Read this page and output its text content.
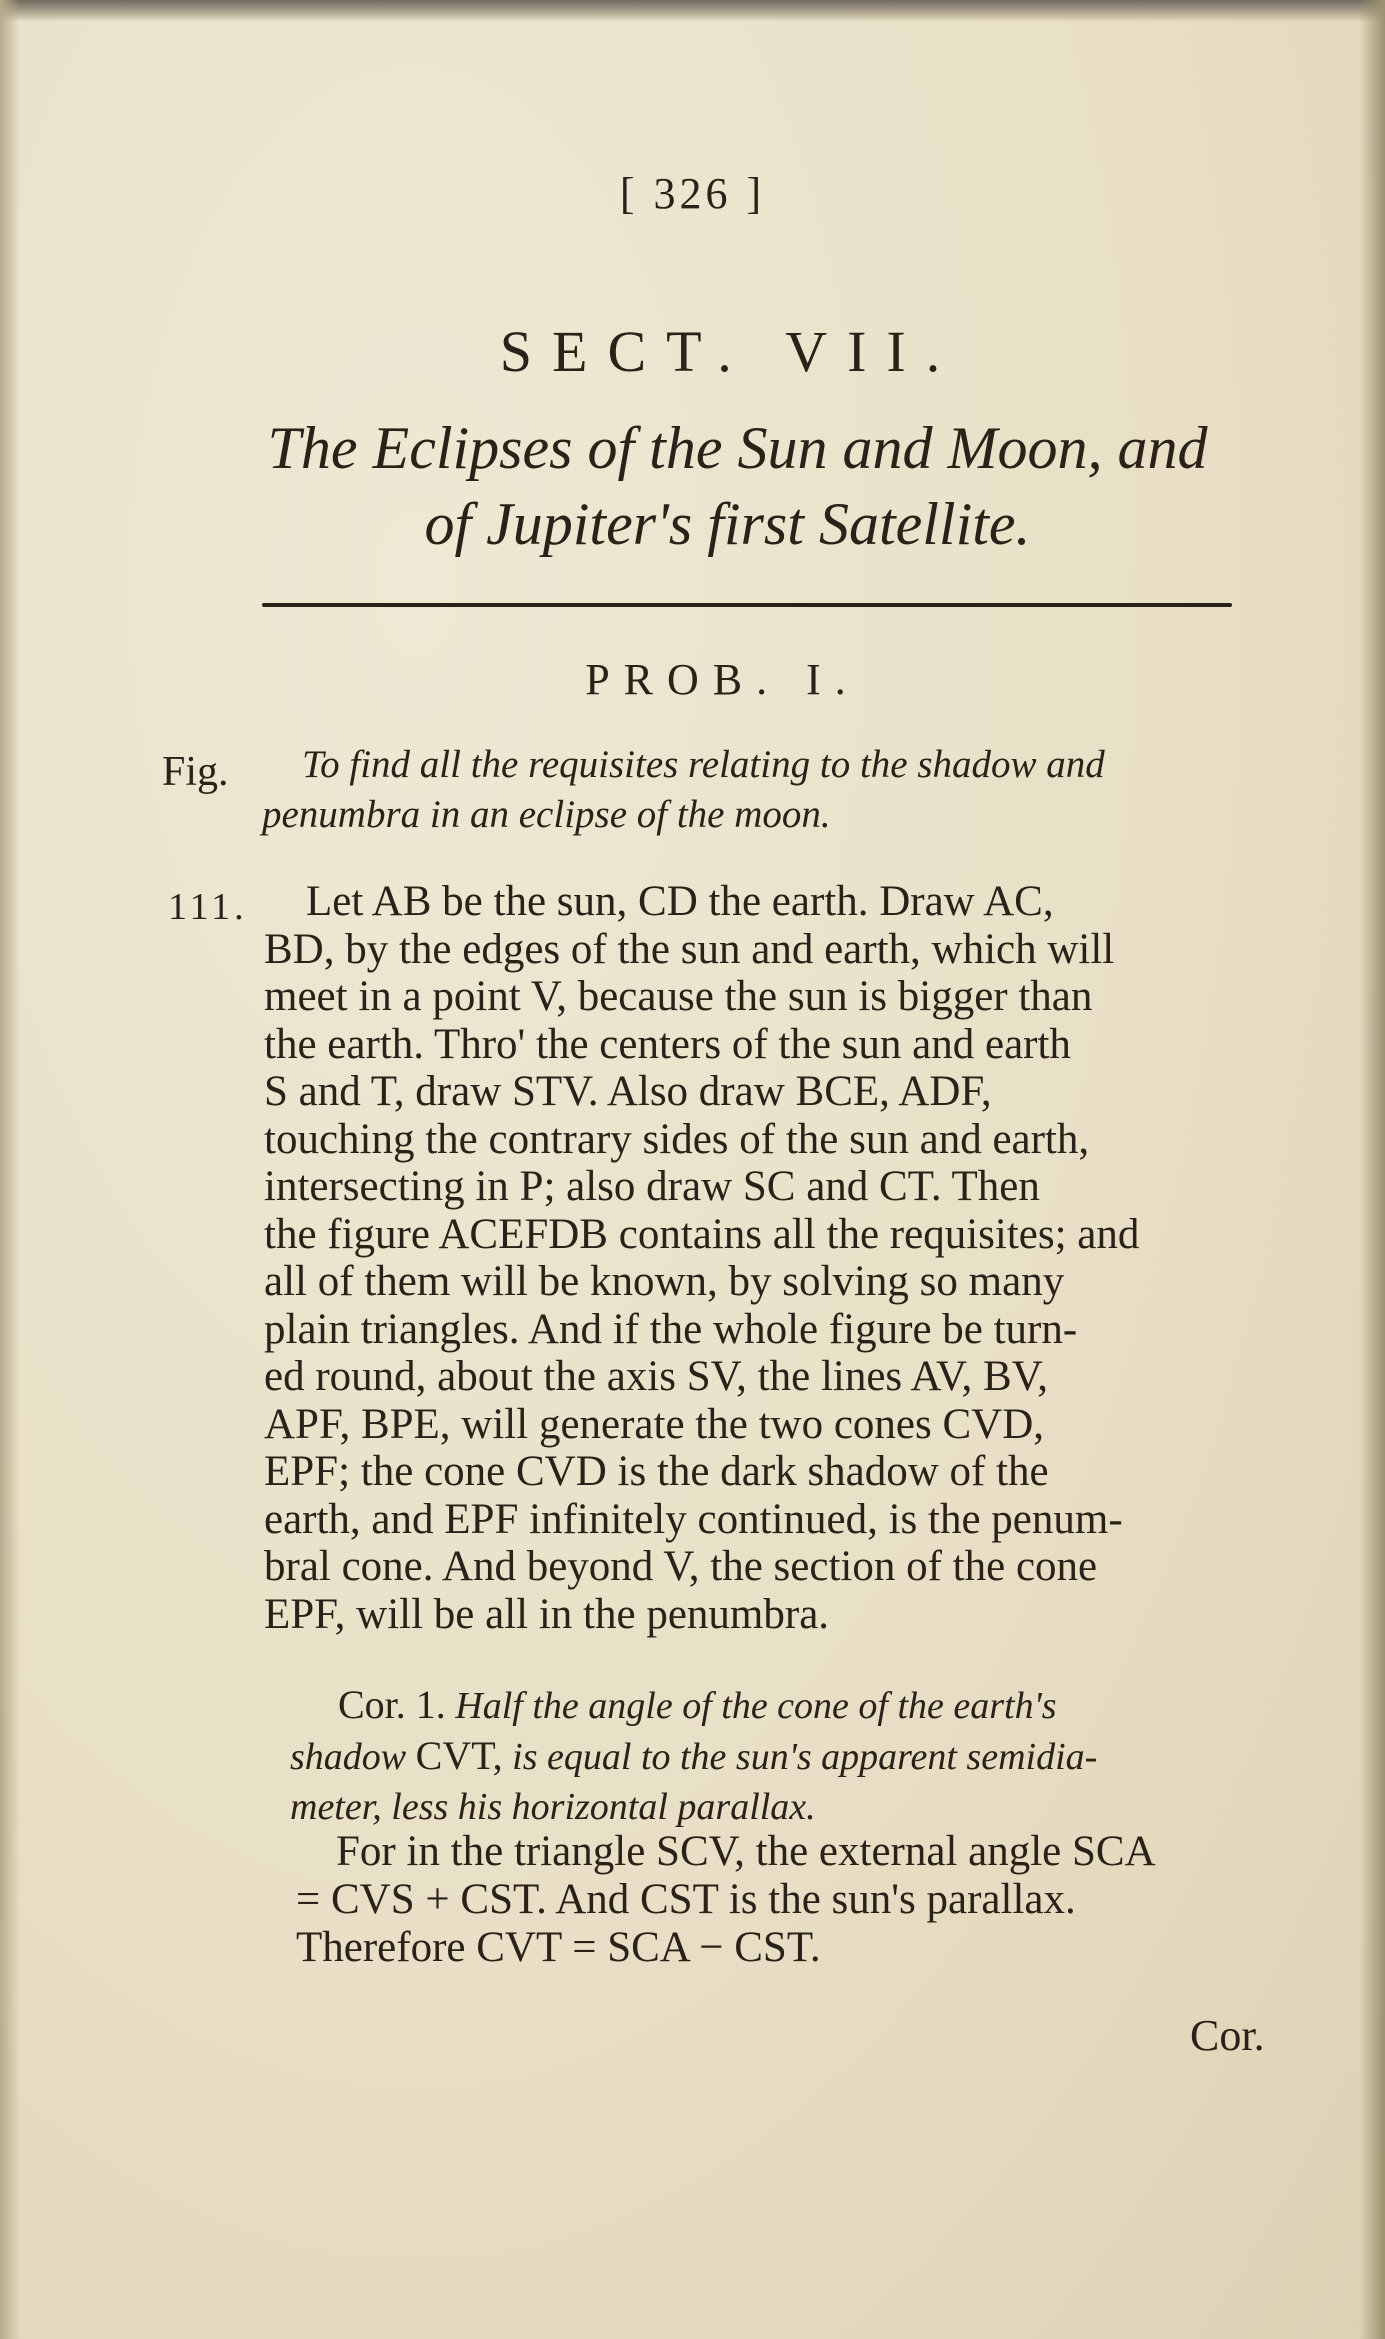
[ 326 ]
SECT. VII.
The Eclipses of the Sun and Moon, and
of Jupiter's first Satellite.
PROB. I.
Fig.
111.
To find all the requisites relating to the shadow and
penumbra in an eclipse of the moon.
Let AB be the sun, CD the earth. Draw AC,
BD, by the edges of the sun and earth, which will
meet in a point V, because the sun is bigger than
the earth. Thro' the centers of the sun and earth
S and T, draw STV. Also draw BCE, ADF,
touching the contrary sides of the sun and earth,
intersecting in P; also draw SC and CT. Then
the figure ACEFDB contains all the requisites; and
all of them will be known, by solving so many
plain triangles. And if the whole figure be turn-
ed round, about the axis SV, the lines AV, BV,
APF, BPE, will generate the two cones CVD,
EPF; the cone CVD is the dark shadow of the
earth, and EPF infinitely continued, is the penum-
bral cone. And beyond V, the section of the cone
EPF, will be all in the penumbra.
Cor. 1. Half the angle of the cone of the earth's
shadow CVT, is equal to the sun's apparent semidia-
meter, less his horizontal parallax.
For in the triangle SCV, the external angle SCA
= CVS + CST. And CST is the sun's parallax.
Therefore CVT = SCA − CST.
Cor.
